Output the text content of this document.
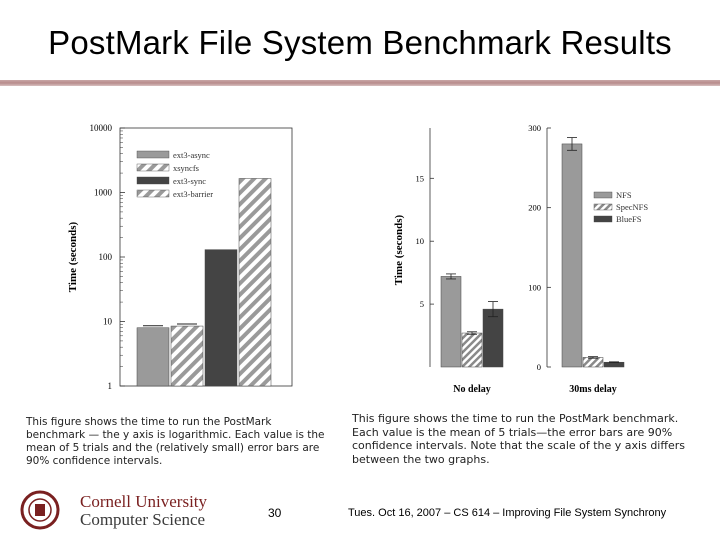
PostMark File System Benchmark Results
1
10
100
1000
10000
Time (seconds)
ext3-async
xsyncfs
ext3-sync
ext3-barrier
Time (seconds)
5
10
15
No delay
0
100
200
300
30ms delay
NFS
SpecNFS
BlueFS
This figure shows the time to run the PostMark benchmark — the y axis is logarithmic. Each value is the mean of 5 trials and the (relatively small) error bars are 90% confidence intervals.
This figure shows the time to run the PostMark benchmark. Each value is the mean of 5 trials—the error bars are 90% confidence intervals. Note that the scale of the y axis differs between the two graphs.
Cornell University
Computer Science	30	Tues. Oct 16, 2007 – CS 614 – Improving File System Synchrony
